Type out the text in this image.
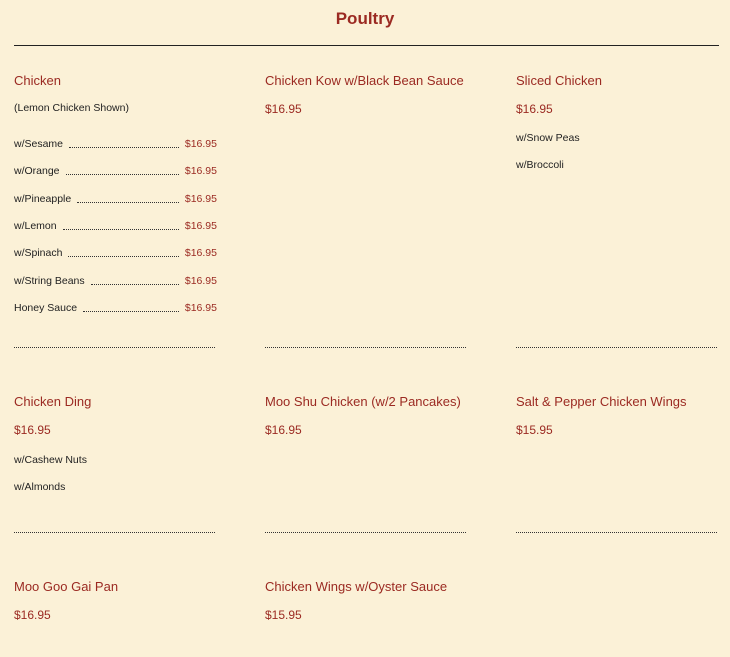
Poultry
Chicken
(Lemon Chicken Shown)
w/Sesame	$16.95
w/Orange	$16.95
w/Pineapple	$16.95
w/Lemon	$16.95
w/Spinach	$16.95
w/String Beans	$16.95
Honey Sauce	$16.95
Chicken Kow w/Black Bean Sauce
$16.95
Sliced Chicken
$16.95
w/Snow Peas
w/Broccoli
Chicken Ding
$16.95
w/Cashew Nuts
w/Almonds
Moo Shu Chicken (w/2 Pancakes)
$16.95
Salt & Pepper Chicken Wings
$15.95
Moo Goo Gai Pan
$16.95
Chicken Wings w/Oyster Sauce
$15.95
